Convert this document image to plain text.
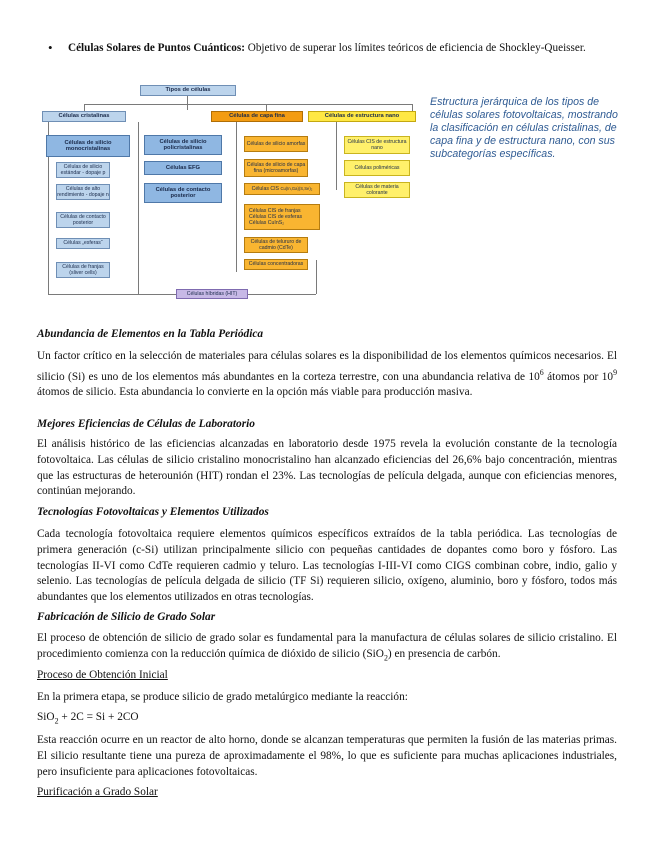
• Células Solares de Puntos Cuánticos: Objetivo de superar los límites teóricos de eficiencia de Shockley-Queisser.
Tipos de células
Células cristalinas	Células de capa fina	Células de estructura nano
Células de silicio monocristalinas
Células de silicio estándar - dopaje p
Células de alto rendimiento - dopaje n
Células de contacto posterior
Células „esferas“
Células de franjas (sliver cells)
Células de silicio policristalinas
Células EFG
Células de contacto posterior
Células de silicio amorfas
Células de silicio de capa fina (microamorfas)
Células CIS
Cu(In,Ga)(S,Se)₂
Células CIS de franjas
Células CIS de esferas
Células CuInS₂
Células de telururo de cadmio (CdTe)
Células concentradoras
Células CIS de estructura nano
Células poliméricas
Células de materia colorante
Células híbridas (HIT)
Estructura jerárquica de los tipos de células solares fotovoltaicas, mostrando la clasificación en células cristalinas, de capa fina y de estructura nano, con sus subcategorías específicas.
Abundancia de Elementos en la Tabla Periódica
Un factor crítico en la selección de materiales para células solares es la disponibilidad de los elementos químicos necesarios. El silicio (Si) es uno de los elementos más abundantes en la corteza terrestre, con una abundancia relativa de $10^6$ átomos por $10^9$ átomos de silicio. Esta abundancia lo convierte en la opción más viable para producción masiva.
Mejores Eficiencias de Células de Laboratorio
El análisis histórico de las eficiencias alcanzadas en laboratorio desde 1975 revela la evolución constante de la tecnología fotovoltaica. Las células de silicio cristalino monocristalino han alcanzado eficiencias del 26,6% bajo concentración, mientras que las estructuras de heterounión (HIT) rondan el 23%. Las tecnologías de película delgada, aunque con eficiencias menores, continúan mejorando.
Tecnologías Fotovoltaicas y Elementos Utilizados
Cada tecnología fotovoltaica requiere elementos químicos específicos extraídos de la tabla periódica. Las tecnologías de primera generación (c-Si) utilizan principalmente silicio con pequeñas cantidades de dopantes como boro y fósforo. Las tecnologías II-VI como CdTe requieren cadmio y teluro. Las tecnologías I-III-VI como CIGS combinan cobre, indio, galio y selenio. Las tecnologías de película delgada de silicio (TF Si) requieren silicio, oxígeno, aluminio, boro y fósforo, todos más abundantes que los elementos utilizados en otras tecnologías.
Fabricación de Silicio de Grado Solar
El proceso de obtención de silicio de grado solar es fundamental para la manufactura de células solares de silicio cristalino. El procedimiento comienza con la reducción química de dióxido de silicio (SiO$_2$) en presencia de carbón.
Proceso de Obtención Inicial
En la primera etapa, se produce silicio de grado metalúrgico mediante la reacción:
SiO$_2$ + 2C = Si + 2CO
Esta reacción ocurre en un reactor de alto horno, donde se alcanzan temperaturas que permiten la fusión de las materias primas. El silicio resultante tiene una pureza de aproximadamente el 98%, lo que es suficiente para muchas aplicaciones industriales, pero insuficiente para aplicaciones fotovoltaicas.
Purificación a Grado Solar
